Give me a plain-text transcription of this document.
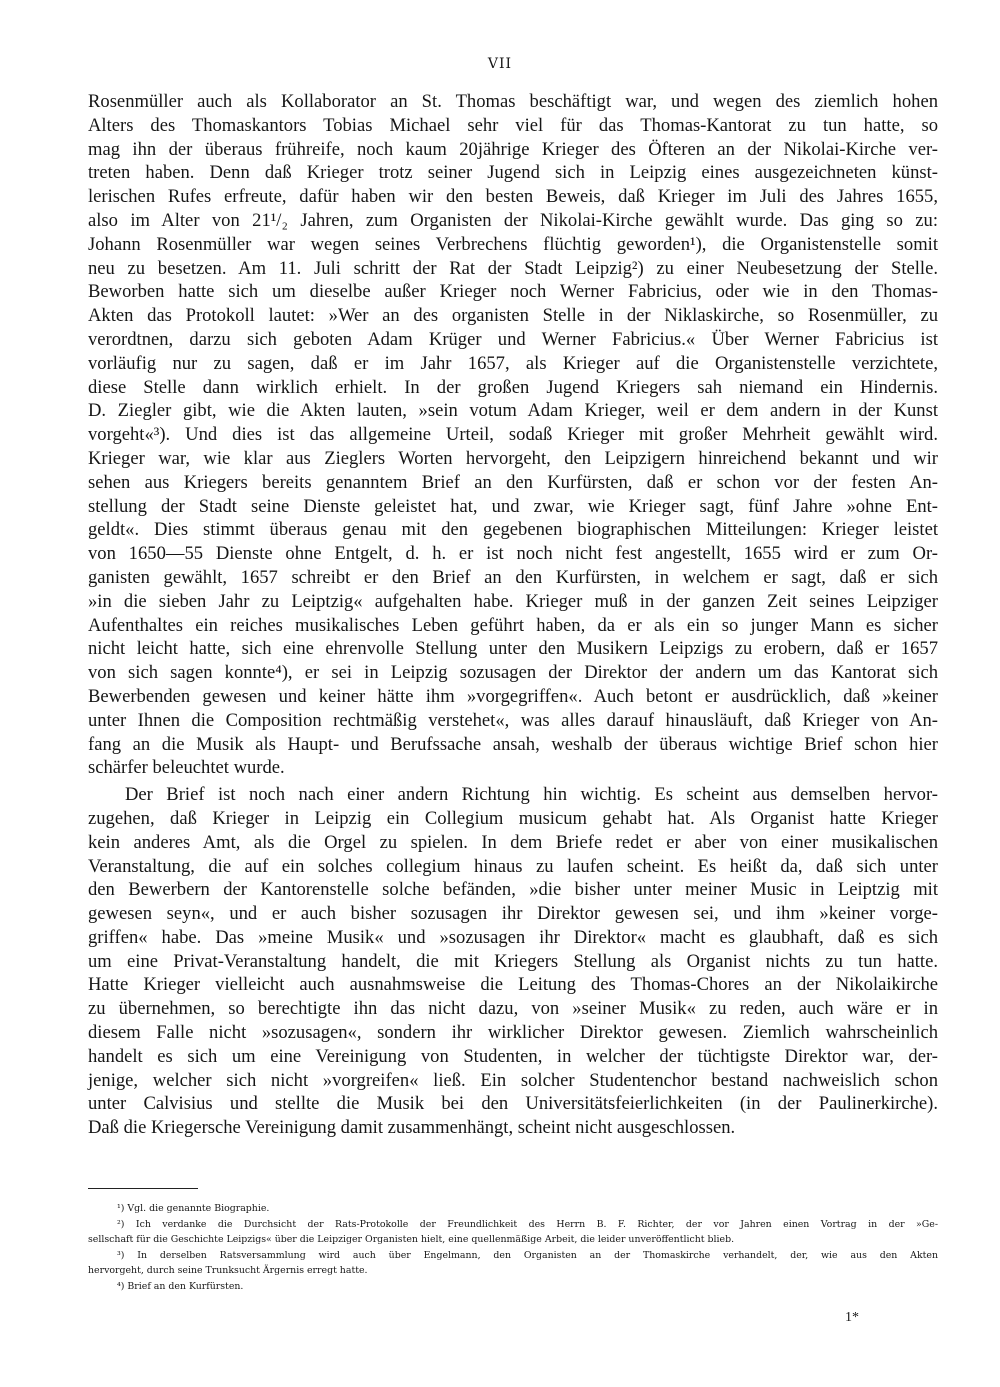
VII
Rosenmüller auch als Kollaborator an St. Thomas beschäftigt war, und wegen des ziemlich hohen
Alters des Thomaskantors Tobias Michael sehr viel für das Thomas-Kantorat zu tun hatte, so
mag ihn der überaus frühreife, noch kaum 20jährige Krieger des Öfteren an der Nikolai-Kirche ver-
treten haben. Denn daß Krieger trotz seiner Jugend sich in Leipzig eines ausgezeichneten künst-
lerischen Rufes erfreute, dafür haben wir den besten Beweis, daß Krieger im Juli des Jahres 1655,
also im Alter von 21¹/₂ Jahren, zum Organisten der Nikolai-Kirche gewählt wurde. Das ging so zu:
Johann Rosenmüller war wegen seines Verbrechens flüchtig geworden¹), die Organistenstelle somit
neu zu besetzen. Am 11. Juli schritt der Rat der Stadt Leipzig²) zu einer Neubesetzung der Stelle.
Beworben hatte sich um dieselbe außer Krieger noch Werner Fabricius, oder wie in den Thomas-
Akten das Protokoll lautet: »Wer an des organisten Stelle in der Niklaskirche, so Rosenmüller, zu
verordtnen, darzu sich geboten Adam Krüger und Werner Fabricius.« Über Werner Fabricius ist
vorläufig nur zu sagen, daß er im Jahr 1657, als Krieger auf die Organistenstelle verzichtete,
diese Stelle dann wirklich erhielt. In der großen Jugend Kriegers sah niemand ein Hindernis.
D. Ziegler gibt, wie die Akten lauten, »sein votum Adam Krieger, weil er dem andern in der Kunst
vorgeht«³). Und dies ist das allgemeine Urteil, sodaß Krieger mit großer Mehrheit gewählt wird.
Krieger war, wie klar aus Zieglers Worten hervorgeht, den Leipzigern hinreichend bekannt und wir
sehen aus Kriegers bereits genanntem Brief an den Kurfürsten, daß er schon vor der festen An-
stellung der Stadt seine Dienste geleistet hat, und zwar, wie Krieger sagt, fünf Jahre »ohne Ent-
geldt«. Dies stimmt überaus genau mit den gegebenen biographischen Mitteilungen: Krieger leistet
von 1650—55 Dienste ohne Entgelt, d. h. er ist noch nicht fest angestellt, 1655 wird er zum Or-
ganisten gewählt, 1657 schreibt er den Brief an den Kurfürsten, in welchem er sagt, daß er sich
»in die sieben Jahr zu Leiptzig« aufgehalten habe. Krieger muß in der ganzen Zeit seines Leipziger
Aufenthaltes ein reiches musikalisches Leben geführt haben, da er als ein so junger Mann es sicher
nicht leicht hatte, sich eine ehrenvolle Stellung unter den Musikern Leipzigs zu erobern, daß er 1657
von sich sagen konnte⁴), er sei in Leipzig sozusagen der Direktor der andern um das Kantorat sich
Bewerbenden gewesen und keiner hätte ihm »vorgegriffen«. Auch betont er ausdrücklich, daß »keiner
unter Ihnen die Composition rechtmäßig verstehet«, was alles darauf hinausläuft, daß Krieger von An-
fang an die Musik als Haupt- und Berufssache ansah, weshalb der überaus wichtige Brief schon hier
schärfer beleuchtet wurde.
Der Brief ist noch nach einer andern Richtung hin wichtig. Es scheint aus demselben hervor-
zugehen, daß Krieger in Leipzig ein Collegium musicum gehabt hat. Als Organist hatte Krieger
kein anderes Amt, als die Orgel zu spielen. In dem Briefe redet er aber von einer musikalischen
Veranstaltung, die auf ein solches collegium hinaus zu laufen scheint. Es heißt da, daß sich unter
den Bewerbern der Kantorenstelle solche befänden, »die bisher unter meiner Music in Leiptzig mit
gewesen seyn«, und er auch bisher sozusagen ihr Direktor gewesen sei, und ihm »keiner vorge-
griffen« habe. Das »meine Musik« und »sozusagen ihr Direktor« macht es glaubhaft, daß es sich
um eine Privat-Veranstaltung handelt, die mit Kriegers Stellung als Organist nichts zu tun hatte.
Hatte Krieger vielleicht auch ausnahmsweise die Leitung des Thomas-Chores an der Nikolaikirche
zu übernehmen, so berechtigte ihn das nicht dazu, von »seiner Musik« zu reden, auch wäre er in
diesem Falle nicht »sozusagen«, sondern ihr wirklicher Direktor gewesen. Ziemlich wahrscheinlich
handelt es sich um eine Vereinigung von Studenten, in welcher der tüchtigste Direktor war, der-
jenige, welcher sich nicht »vorgreifen« ließ. Ein solcher Studentenchor bestand nachweislich schon
unter Calvisius und stellte die Musik bei den Universitätsfeierlichkeiten (in der Paulinerkirche).
Daß die Kriegersche Vereinigung damit zusammenhängt, scheint nicht ausgeschlossen.
¹) Vgl. die genannte Biographie.
²) Ich verdanke die Durchsicht der Rats-Protokolle der Freundlichkeit des Herrn B. F. Richter, der vor Jahren einen Vortrag in der »Ge-
sellschaft für die Geschichte Leipzigs« über die Leipziger Organisten hielt, eine quellenmäßige Arbeit, die leider unveröffentlicht blieb.
³) In derselben Ratsversammlung wird auch über Engelmann, den Organisten an der Thomaskirche verhandelt, der, wie aus den Akten
hervorgeht, durch seine Trunksucht Ärgernis erregt hatte.
⁴) Brief an den Kurfürsten.
1*
